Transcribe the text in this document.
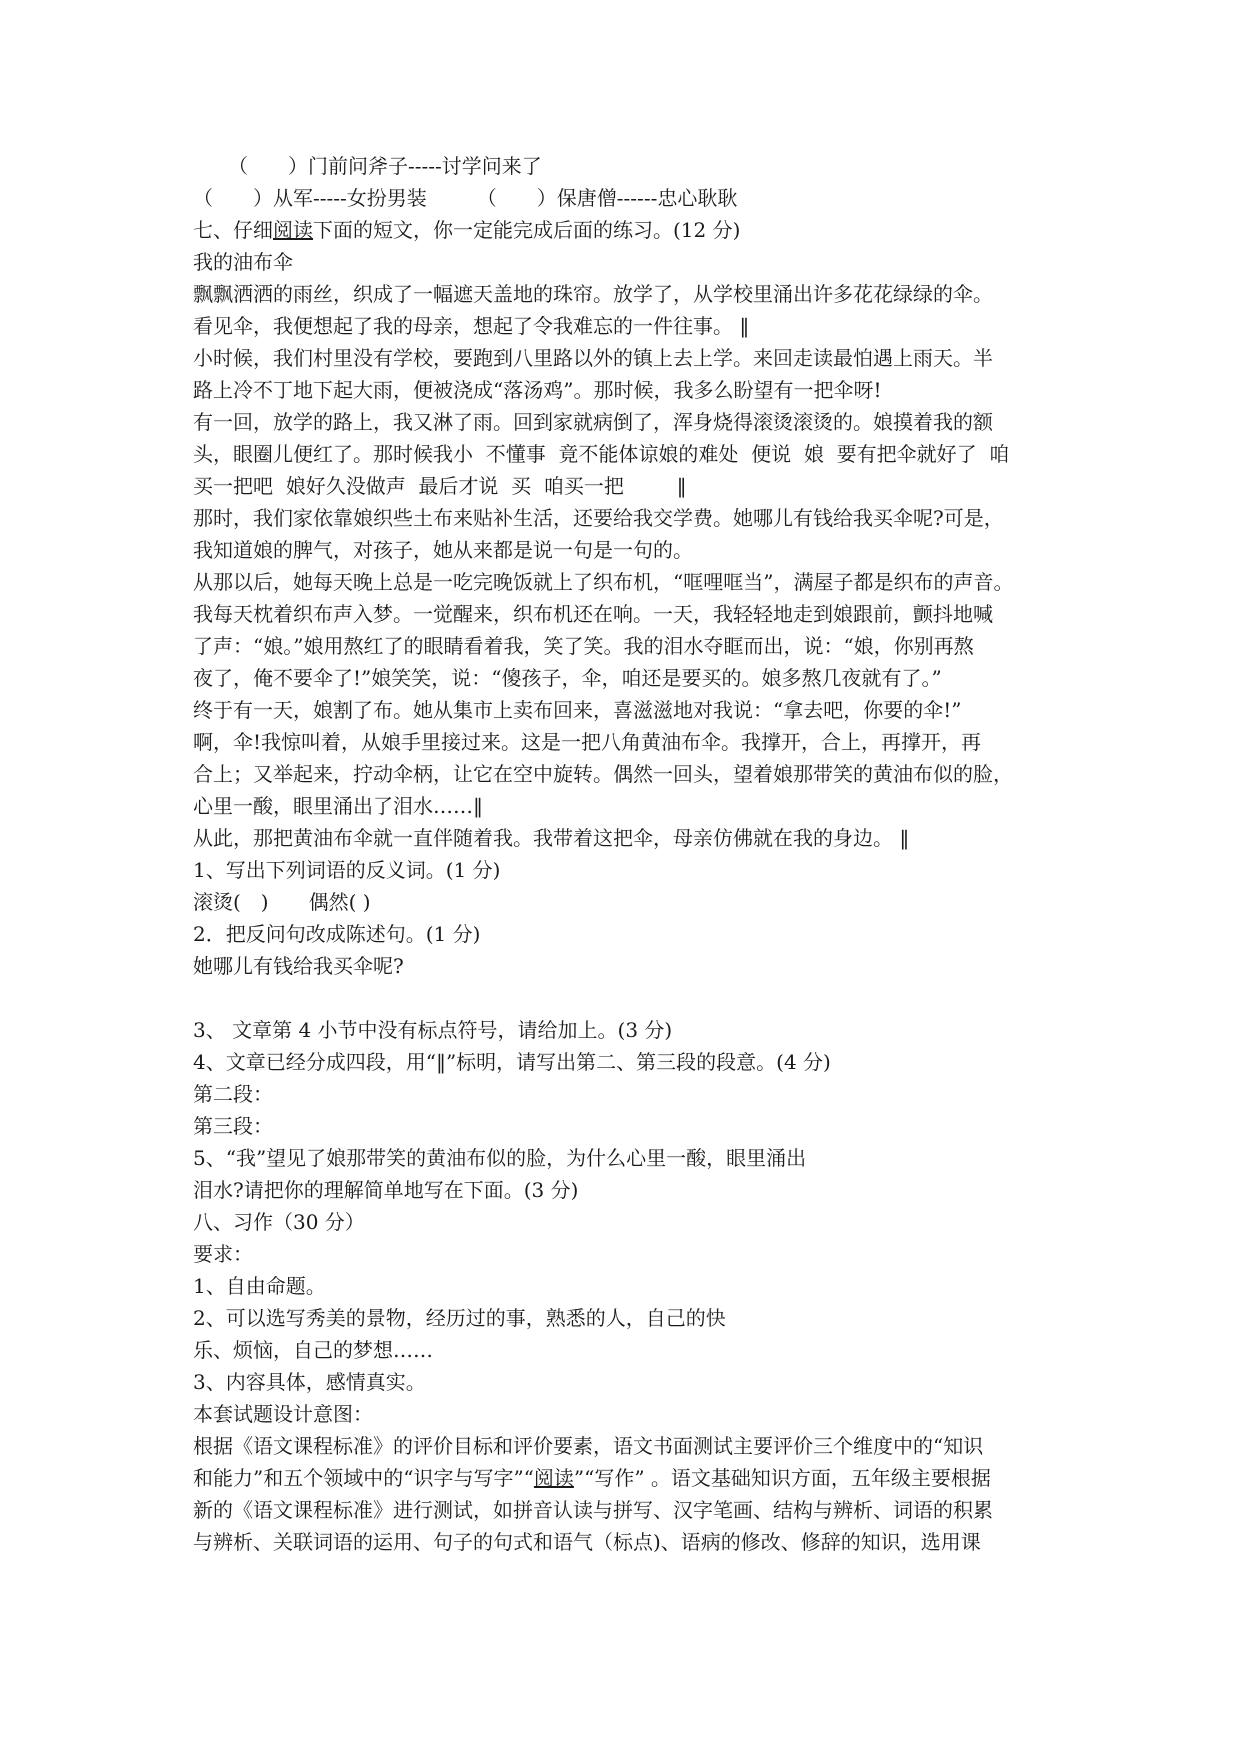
（　　）门前问斧子-----讨学问来了

（　　）从军-----女扮男装　　　（　　）保唐僧------忠心耿耿

七、仔细阅读下面的短文，你一定能完成后面的练习。(12 分)

我的油布伞

飘飘洒洒的雨丝，织成了一幅遮天盖地的珠帘。放学了，从学校里涌出许多花花绿绿的伞。

看见伞，我便想起了我的母亲，想起了令我难忘的一件往事。 ‖

小时候，我们村里没有学校，要跑到八里路以外的镇上去上学。来回走读最怕遇上雨天。半

路上冷不丁地下起大雨，便被浇成“落汤鸡”。那时候，我多么盼望有一把伞呀!

有一回，放学的路上，我又淋了雨。回到家就病倒了，浑身烧得滚烫滚烫的。娘摸着我的额

头，眼圈儿便红了。那时候我小  不懂事  竟不能体谅娘的难处  便说  娘  要有把伞就好了  咱

买一把吧  娘好久没做声  最后才说  买  咱买一把　　  ‖

那时，我们家依靠娘织些土布来贴补生活，还要给我交学费。她哪儿有钱给我买伞呢?可是，

我知道娘的脾气，对孩子，她从来都是说一句是一句的。

从那以后，她每天晚上总是一吃完晚饭就上了织布机，“哐哩哐当”，满屋子都是织布的声音。

我每天枕着织布声入梦。一觉醒来，织布机还在响。一天，我轻轻地走到娘跟前，颤抖地喊

了声：“娘。”娘用熬红了的眼睛看着我，笑了笑。我的泪水夺眶而出，说：“娘，你别再熬

夜了，俺不要伞了!”娘笑笑，说：“傻孩子，伞，咱还是要买的。娘多熬几夜就有了。”

终于有一天，娘割了布。她从集市上卖布回来，喜滋滋地对我说：“拿去吧，你要的伞!”

啊，伞!我惊叫着，从娘手里接过来。这是一把八角黄油布伞。我撑开，合上，再撑开，再

合上；又举起来，拧动伞柄，让它在空中旋转。偶然一回头，望着娘那带笑的黄油布似的脸，

心里一酸，眼里涌出了泪水……‖

从此，那把黄油布伞就一直伴随着我。我带着这把伞，母亲仿佛就在我的身边。 ‖

1、写出下列词语的反义词。(1 分)

滚烫(　)　　偶然( )

2．把反问句改成陈述句。(1 分)

她哪儿有钱给我买伞呢?

3、 文章第 4 小节中没有标点符号，请给加上。(3 分)

4、文章已经分成四段，用“‖”标明，请写出第二、第三段的段意。(4 分)

第二段：

第三段：

5、“我”望见了娘那带笑的黄油布似的脸，为什么心里一酸，眼里涌出

泪水?请把你的理解简单地写在下面。(3 分)

八、习作（30 分）

要求：

1、自由命题。

2、可以选写秀美的景物，经历过的事，熟悉的人，自己的快

乐、烦恼，自己的梦想……

3、内容具体，感情真实。

本套试题设计意图：

根据《语文课程标准》的评价目标和评价要素，语文书面测试主要评价三个维度中的“知识

和能力”和五个领域中的“识字与写字”“阅读”“写作” 。语文基础知识方面，五年级主要根据

新的《语文课程标准》进行测试，如拼音认读与拼写、汉字笔画、结构与辨析、词语的积累

与辨析、关联词语的运用、句子的句式和语气（标点)、语病的修改、修辞的知识，选用课
